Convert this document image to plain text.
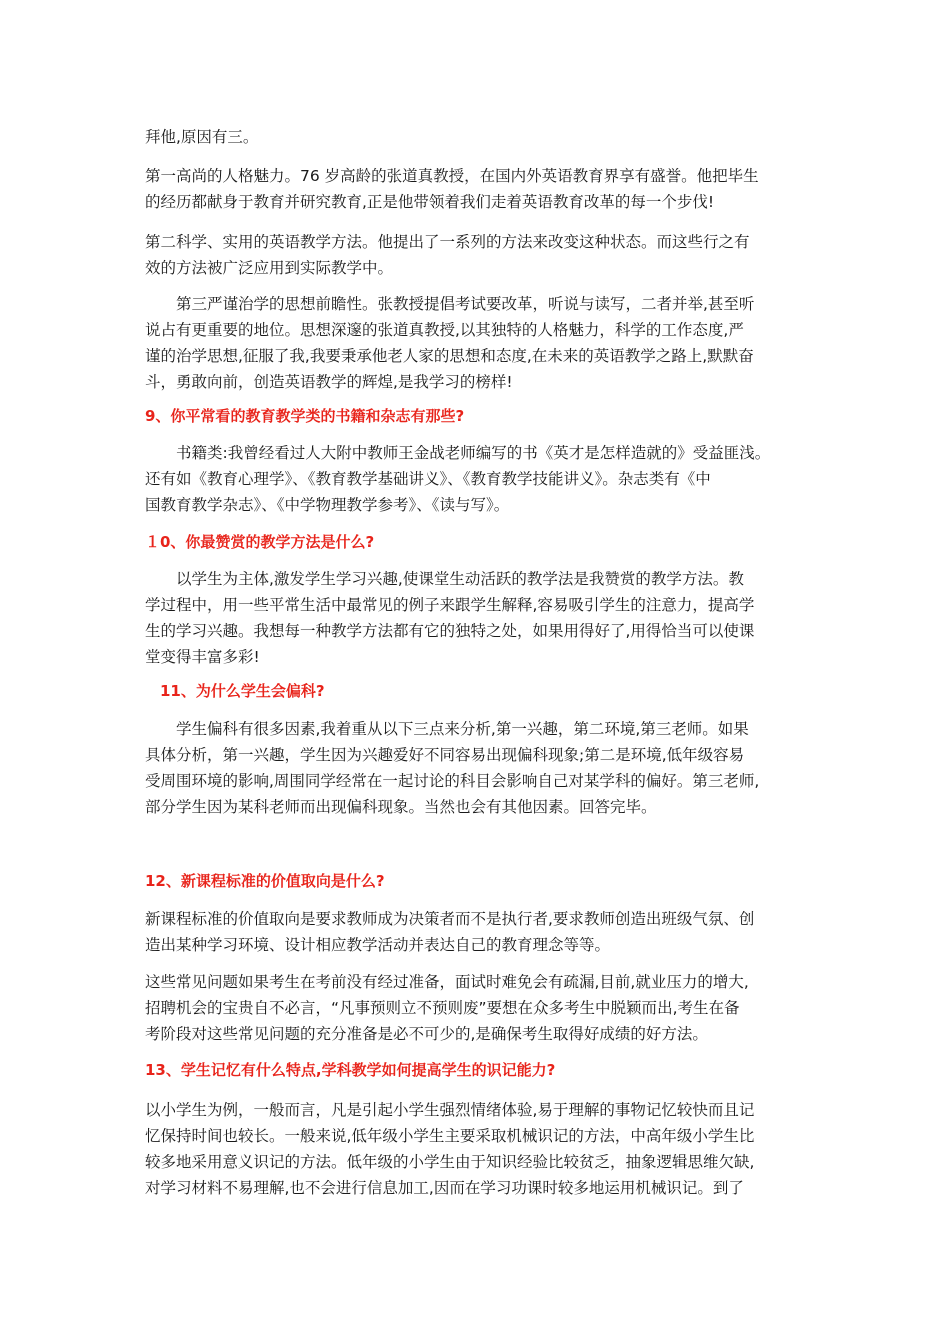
拜他,原因有三。

第一高尚的人格魅力。76 岁高龄的张道真教授，在国内外英语教育界享有盛誉。他把毕生
的经历都献身于教育并研究教育,正是他带领着我们走着英语教育改革的每一个步伐!

第二科学、实用的英语教学方法。他提出了一系列的方法来改变这种状态。而这些行之有
效的方法被广泛应用到实际教学中。

第三严谨治学的思想前瞻性。张教授提倡考试要改革，听说与读写，二者并举,甚至听
说占有更重要的地位。思想深邃的张道真教授,以其独特的人格魅力，科学的工作态度,严
谨的治学思想,征服了我,我要秉承他老人家的思想和态度,在未来的英语教学之路上,默默奋
斗，勇敢向前，创造英语教学的辉煌,是我学习的榜样!

9、你平常看的教育教学类的书籍和杂志有那些?

书籍类:我曾经看过人大附中教师王金战老师编写的书《英才是怎样造就的》受益匪浅。
还有如《教育心理学》、《教育教学基础讲义》、《教育教学技能讲义》。杂志类有《中
国教育教学杂志》、《中学物理教学参考》、《读与写》。

１0、你最赞赏的教学方法是什么?

以学生为主体,激发学生学习兴趣,使课堂生动活跃的教学法是我赞赏的教学方法。教
学过程中，用一些平常生活中最常见的例子来跟学生解释,容易吸引学生的注意力，提高学
生的学习兴趣。我想每一种教学方法都有它的独特之处，如果用得好了,用得恰当可以使课
堂变得丰富多彩!

11、为什么学生会偏科?

学生偏科有很多因素,我着重从以下三点来分析,第一兴趣，第二环境,第三老师。如果
具体分析，第一兴趣，学生因为兴趣爱好不同容易出现偏科现象;第二是环境,低年级容易
受周围环境的影响,周围同学经常在一起讨论的科目会影响自己对某学科的偏好。第三老师,
部分学生因为某科老师而出现偏科现象。当然也会有其他因素。回答完毕。

12、新课程标准的价值取向是什么?

新课程标准的价值取向是要求教师成为决策者而不是执行者,要求教师创造出班级气氛、创
造出某种学习环境、设计相应教学活动并表达自己的教育理念等等。

这些常见问题如果考生在考前没有经过准备，面试时难免会有疏漏,目前,就业压力的增大,
招聘机会的宝贵自不必言，“凡事预则立不预则废”要想在众多考生中脱颖而出,考生在备
考阶段对这些常见问题的充分准备是必不可少的,是确保考生取得好成绩的好方法。

13、学生记忆有什么特点,学科教学如何提高学生的识记能力?

以小学生为例，一般而言，凡是引起小学生强烈情绪体验,易于理解的事物记忆较快而且记
忆保持时间也较长。一般来说,低年级小学生主要采取机械识记的方法，中高年级小学生比
较多地采用意义识记的方法。低年级的小学生由于知识经验比较贫乏，抽象逻辑思维欠缺,
对学习材料不易理解,也不会进行信息加工,因而在学习功课时较多地运用机械识记。到了
